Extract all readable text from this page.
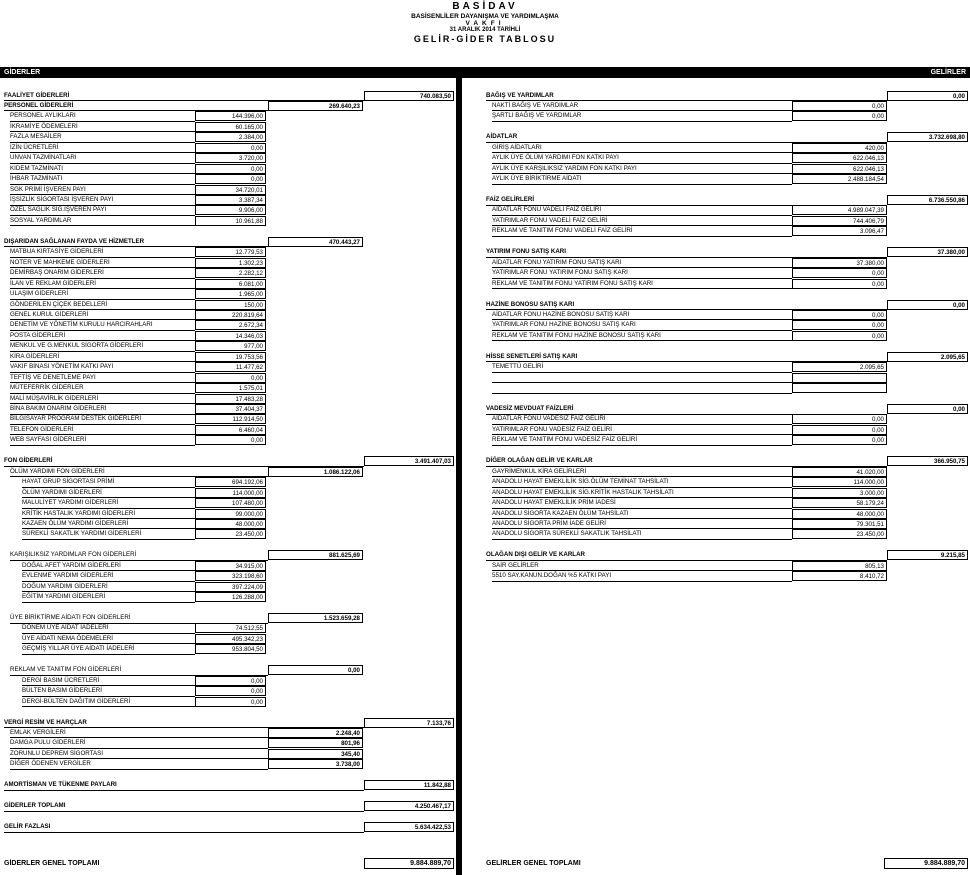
BASİDAV
BASİSENLİLER DAYANIŞMA VE YARDIMLAŞMA
VAKFI
31 ARALIK 2014 TARİHLİ
GELİR-GİDER TABLOSU
GİDERLER	GELİRLER
FAALİYET GİDERLERİ	740.083,50
PERSONEL GİDERLERİ	269.640,23
PERSONEL AYLIKLARI	144.396,00
İKRAMİYE ÖDEMELERİ	60.165,00
FAZLA MESAİLER	2.384,00
İZİN ÜCRETLERİ	0,00
UNVAN TAZMİNATLARI	3.720,00
KIDEM TAZMİNATI	0,00
İHBAR TAZMİNATI	0,00
SGK PRİMİ İŞVEREN PAYI	34.720,01
İŞSİZLİK SİGORTASI İŞVEREN PAYI	3.387,34
ÖZEL SAĞLIK SİG.İŞVEREN PAYI	9.906,00
SOSYAL YARDIMLAR	10.961,88
DIŞARIDAN SAĞLANAN FAYDA VE HİZMETLER	470.443,27
MATBUA KIRTASİYE GİDERLERİ	12.779,53
NOTER VE MAHKEME GİDERLERİ	1.302,23
DEMİRBAŞ ONARIM GİDERLERİ	2.282,12
İLAN VE REKLAM GİDERLERİ	6.081,00
ULAŞIM GİDERLERİ	1.965,00
GÖNDERİLEN ÇİÇEK BEDELLERİ	150,00
GENEL KURUL GİDERLERİ	220.819,64
DENETİM VE YÖNETİM KURULU HARCIRAHLARI	2.672,34
POSTA GİDERLERİ	14.346,03
MENKUL VE G.MENKUL SİGORTA GİDERLERİ	977,00
KİRA GİDERLERİ	19.753,56
VAKIF BİNASI YÖNETİM KATKI PAYI	11.477,62
TEFTİŞ VE DENETLEME PAYI	0,00
MÜTEFERRİK GİDERLER	1.575,01
MALİ MÜŞAVİRLİK GİDERLERİ	17.483,28
BİNA BAKIM ONARIM GİDERLERİ	37.404,37
BİLGİSAYAR PROGRAM DESTEK GİDERLERİ	112.914,50
TELEFON GİDERLERİ	6.460,04
WEB SAYFASI GİDERLERİ	0,00
FON GİDERLERİ	3.491.407,03
ÖLÜM YARDIMI FON GİDERLERİ	1.086.122,06
HAYAT GRUP SİGORTASI PRİMİ	694.192,06
ÖLÜM YARDIMI GİDERLERİ	114.000,00
MALULİYET YARDIMI GİDERLERİ	107.480,00
KRİTİK HASTALIK YARDIMI GİDERLERİ	99.000,00
KAZAEN ÖLÜM YARDIMI GİDERLERİ	48.000,00
SÜREKLİ SAKATLIK YARDIMI GİDERLERİ	23.450,00
KARIŞILIKSIZ YARDIMLAR FON GİDERLERİ	881.625,69
DOĞAL AFET YARDIM GİDERLERİ	34.915,00
EVLENME YARDIMI GİDERLERİ	323.198,60
DOĞUM YARDIMI GİDERLERİ	397.224,09
EĞİTİM YARDIMI GİDERLERİ	126.288,00
ÜYE BİRİKTİRME AİDATI FON GİDERLERİ	1.523.659,28
DÖNEM ÜYE AİDAT İADELERİ	74.512,55
ÜYE AİDATI NEMA ÖDEMELERİ	495.342,23
GEÇMİŞ YILLAR ÜYE AİDATI İADELERİ	953.804,50
REKLAM VE TANITIM FON GİDERLERİ	0,00
DERGİ BASIM ÜCRETLERİ	0,00
BÜLTEN BASIM GİDERLERİ	0,00
DERGİ-BÜLTEN DAĞITIM GİDERLERİ	0,00
VERGİ RESİM VE HARÇLAR	7.133,76
EMLAK VERGİLERİ	2.248,40
DAMGA PULU GİDERLERİ	801,96
ZORUNLU DEPREM SİGORTASI	345,40
DİĞER ÖDENEN VERGİLER	3.738,00
AMORTİSMAN VE TÜKENME PAYLARI	11.842,88
GİDERLER TOPLAMI	4.250.467,17
GELİR FAZLASI	5.634.422,53
BAĞIŞ VE YARDIMLAR	0,00
NAKTİ BAĞIŞ VE YARDIMLAR	0,00
ŞARTLI BAĞIŞ VE YARDIMLAR	0,00
AİDATLAR	3.732.698,80
GİRİŞ AİDATLARI	420,00
AYLIK ÜYE ÖLÜM YARDIMI FON KATKI PAYI	622.046,13
AYLIK ÜYE KARŞILIKSIZ YARDIM FON KATKI PAYI	622.046,13
AYLIK ÜYE BİRİKTİRME AİDATI	2.488.184,54
FAİZ GELİRLERİ	6.736.550,86
AİDATLAR FONU VADELİ FAİZ GELİRİ	4.989.047,39
YATIRIMLAR FONU VADELİ FAİZ GELİRİ	744.406,79
REKLAM VE TANITIM FONU VADELİ FAİZ GELİRİ	3.096,47
YATIRIM FONU SATIŞ KARI	37.380,00
AİDATLAR FONU YATIRIM FONU SATIŞ KARI	37.380,00
YATIRIMLAR FONU YATIRIM FONU SATIŞ KARI	0,00
REKLAM VE TANITIM FONU YATIRIM FONU SATIŞ KARI	0,00
HAZİNE BONOSU SATIŞ KARI	0,00
AİDATLAR FONU HAZİNE BONOSU SATIŞ KARI	0,00
YATIRIMLAR FONU HAZİNE BONOSU SATIŞ KARI	0,00
REKLAM VE TANITIM FONU HAZİNE BONOSU SATIŞ KARI	0,00
HİSSE SENETLERİ SATIŞ KARI	2.095,65
TEMETTÜ GELİRİ	2.095,65
VADESİZ MEVDUAT FAİZLERİ	0,00
AİDATLAR FONU VADESİZ FAİZ GELİRİ	0,00
YATIRIMLAR FONU VADESİZ FAİZ GELİRİ	0,00
REKLAM VE TANITIM FONU VADESİZ FAİZ GELİRİ	0,00
DİĞER OLAĞAN GELİR VE KARLAR	366.950,75
GAYRİMENKUL KİRA GELİRLERİ	41.020,00
ANADOLU HAYAT EMEKLİLİK SİG.ÖLÜM TEMİNAT TAHSİLATI	114.000,00
ANADOLU HAYAT EMEKLİLİK SİG.KRİTİK HASTALIK TAHSİLATI	3.000,00
ANADOLU HAYAT EMEKLİLİK PRİM İADESİ	58.179,24
ANADOLU SİGORTA KAZAEN ÖLÜM TAHSİLATI	48.000,00
ANADOLU SİGORTA PRİM İADE GELİRİ	79.301,51
ANADOLU SİGORTA SÜREKLİ SAKATLIK TAHSİLATI	23.450,00
OLAĞAN DIŞI GELİR VE KARLAR	9.215,85
SAİR GELİRLER	805,13
5510 SAY.KANUN.DOĞAN %5 KATKI PAYI	8.410,72
GİDERLER GENEL TOPLAMI	9.884.889,70	GELİRLER GENEL TOPLAMI	9.884.889,70
